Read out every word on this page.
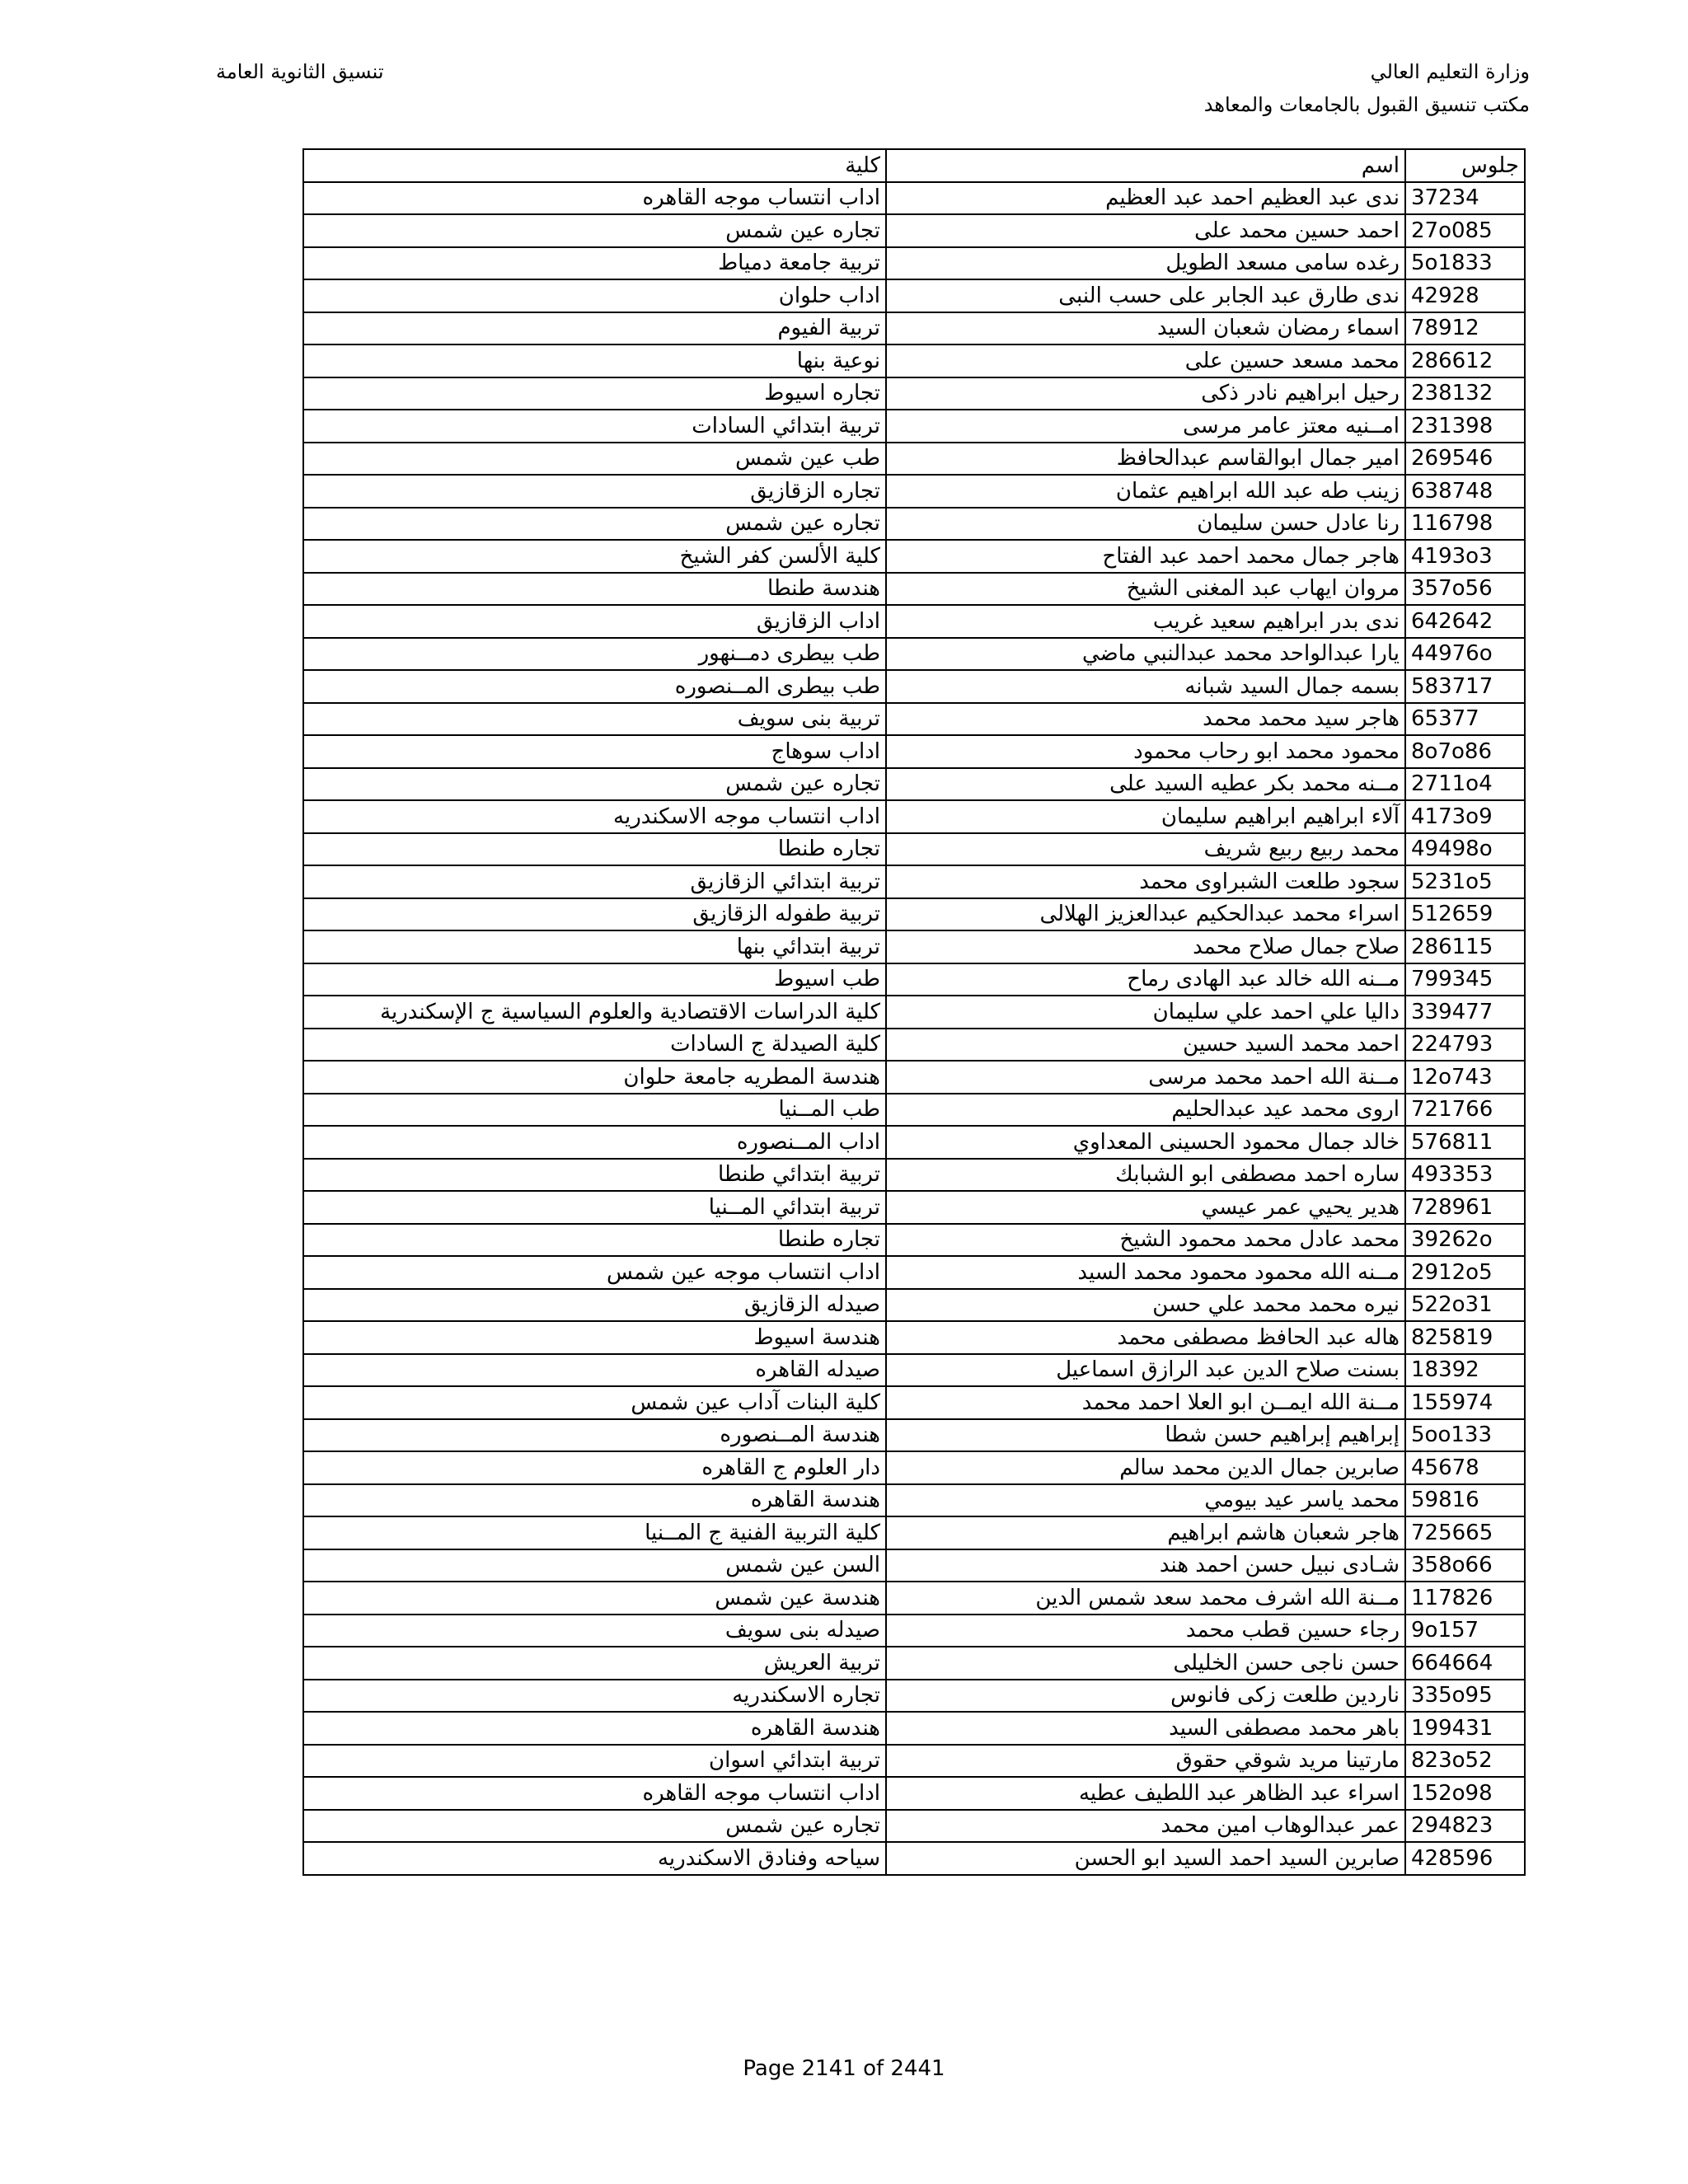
وزارة التعليم العالي
مكتب تنسيق القبول بالجامعات والمعاهد
تنسيق الثانوية العامة
جلوس	اسم	كلية
37234	ندى عبد العظيم احمد عبد العظيم	اداب انتساب موجه القاهره
27o085	احمد حسين محمد على	تجاره عين شمس
5o1833	رغده سامى مسعد الطويل	تربية جامعة دمياط
42928	ندى طارق عبد الجابر على حسب النبى	اداب حلوان
78912	اسماء رمضان شعبان السيد	تربية الفيوم
286612	محمد مسعد حسين على	نوعية بنها
238132	رحيل ابراهيم نادر ذكى	تجاره اسيوط
231398	امــنيه معتز عامر مرسى	تربية ابتدائي السادات
269546	امير جمال ابوالقاسم عبدالحافظ	طب عين شمس
638748	زينب طه عبد الله ابراهيم عثمان	تجاره الزقازيق
116798	رنا عادل حسن سليمان	تجاره عين شمس
4193o3	هاجر جمال محمد احمد عبد الفتاح	كلية الألسن كفر الشيخ
357o56	مروان ايهاب عبد المغنى الشيخ	هندسة طنطا
642642	ندى بدر ابراهيم سعيد غريب	اداب الزقازيق
44976o	يارا عبدالواحد محمد عبدالنبي ماضي	طب بيطرى دمــنهور
583717	بسمه جمال السيد شبانه	طب بيطرى المــنصوره
65377	هاجر سيد محمد محمد	تربية بنى سويف
8o7o86	محمود محمد ابو رحاب محمود	اداب سوهاج
2711o4	مــنه محمد بكر عطيه السيد على	تجاره عين شمس
4173o9	آلاء ابراهيم ابراهيم سليمان	اداب انتساب موجه الاسكندريه
49498o	محمد ربيع ربيع شريف	تجاره طنطا
5231o5	سجود طلعت الشبراوى محمد	تربية ابتدائي الزقازيق
512659	اسراء محمد عبدالحكيم عبدالعزيز الهلالى	تربية طفوله الزقازيق
286115	صلاح جمال صلاح محمد	تربية ابتدائي بنها
799345	مــنه الله خالد عبد الهادى رماح	طب اسيوط
339477	داليا علي احمد علي سليمان	كلية الدراسات الاقتصادية والعلوم السياسية ج الإسكندرية
224793	احمد محمد السيد حسين	كلية الصيدلة ج السادات
12o743	مــنة الله احمد محمد مرسى	هندسة المطريه جامعة حلوان
721766	اروى محمد عيد عبدالحليم	طب المــنيا
576811	خالد جمال محمود الحسينى المعداوي	اداب المــنصوره
493353	ساره احمد مصطفى ابو الشبابك	تربية ابتدائي طنطا
728961	هدير يحيي عمر عيسي	تربية ابتدائي المــنيا
39262o	محمد عادل محمد محمود الشيخ	تجاره طنطا
2912o5	مــنه الله محمود محمود محمد السيد	اداب انتساب موجه عين شمس
522o31	نيره محمد محمد علي حسن	صيدله الزقازيق
825819	هاله عبد الحافظ مصطفى محمد	هندسة اسيوط
18392	بسنت صلاح الدين عبد الرازق اسماعيل	صيدله القاهره
155974	مــنة الله ايمــن ابو العلا احمد محمد	كلية البنات آداب عين شمس
5oo133	إبراهيم إبراهيم حسن شطا	هندسة المــنصوره
45678	صابرين جمال الدين محمد سالم	دار العلوم ج القاهره
59816	محمد ياسر عيد بيومي	هندسة القاهره
725665	هاجر شعبان هاشم ابراهيم	كلية التربية الفنية ج المــنيا
358o66	شـادى نبيل حسن احمد هند	السن عين شمس
117826	مــنة الله اشرف محمد سعد شمس الدين	هندسة عين شمس
9o157	رجاء حسين قطب محمد	صيدله بنى سويف
664664	حسن ناجى حسن الخليلى	تربية العريش
335o95	ناردين طلعت زكى فانوس	تجاره الاسكندريه
199431	باهر محمد مصطفى السيد	هندسة القاهره
823o52	مارتينا مريد شوقي حقوق	تربية ابتدائي اسوان
152o98	اسراء عبد الظاهر عبد اللطيف عطيه	اداب انتساب موجه القاهره
294823	عمر عبدالوهاب امين محمد	تجاره عين شمس
428596	صابرين السيد احمد السيد ابو الحسن	سياحه وفنادق الاسكندريه
Page 2141 of 2441
